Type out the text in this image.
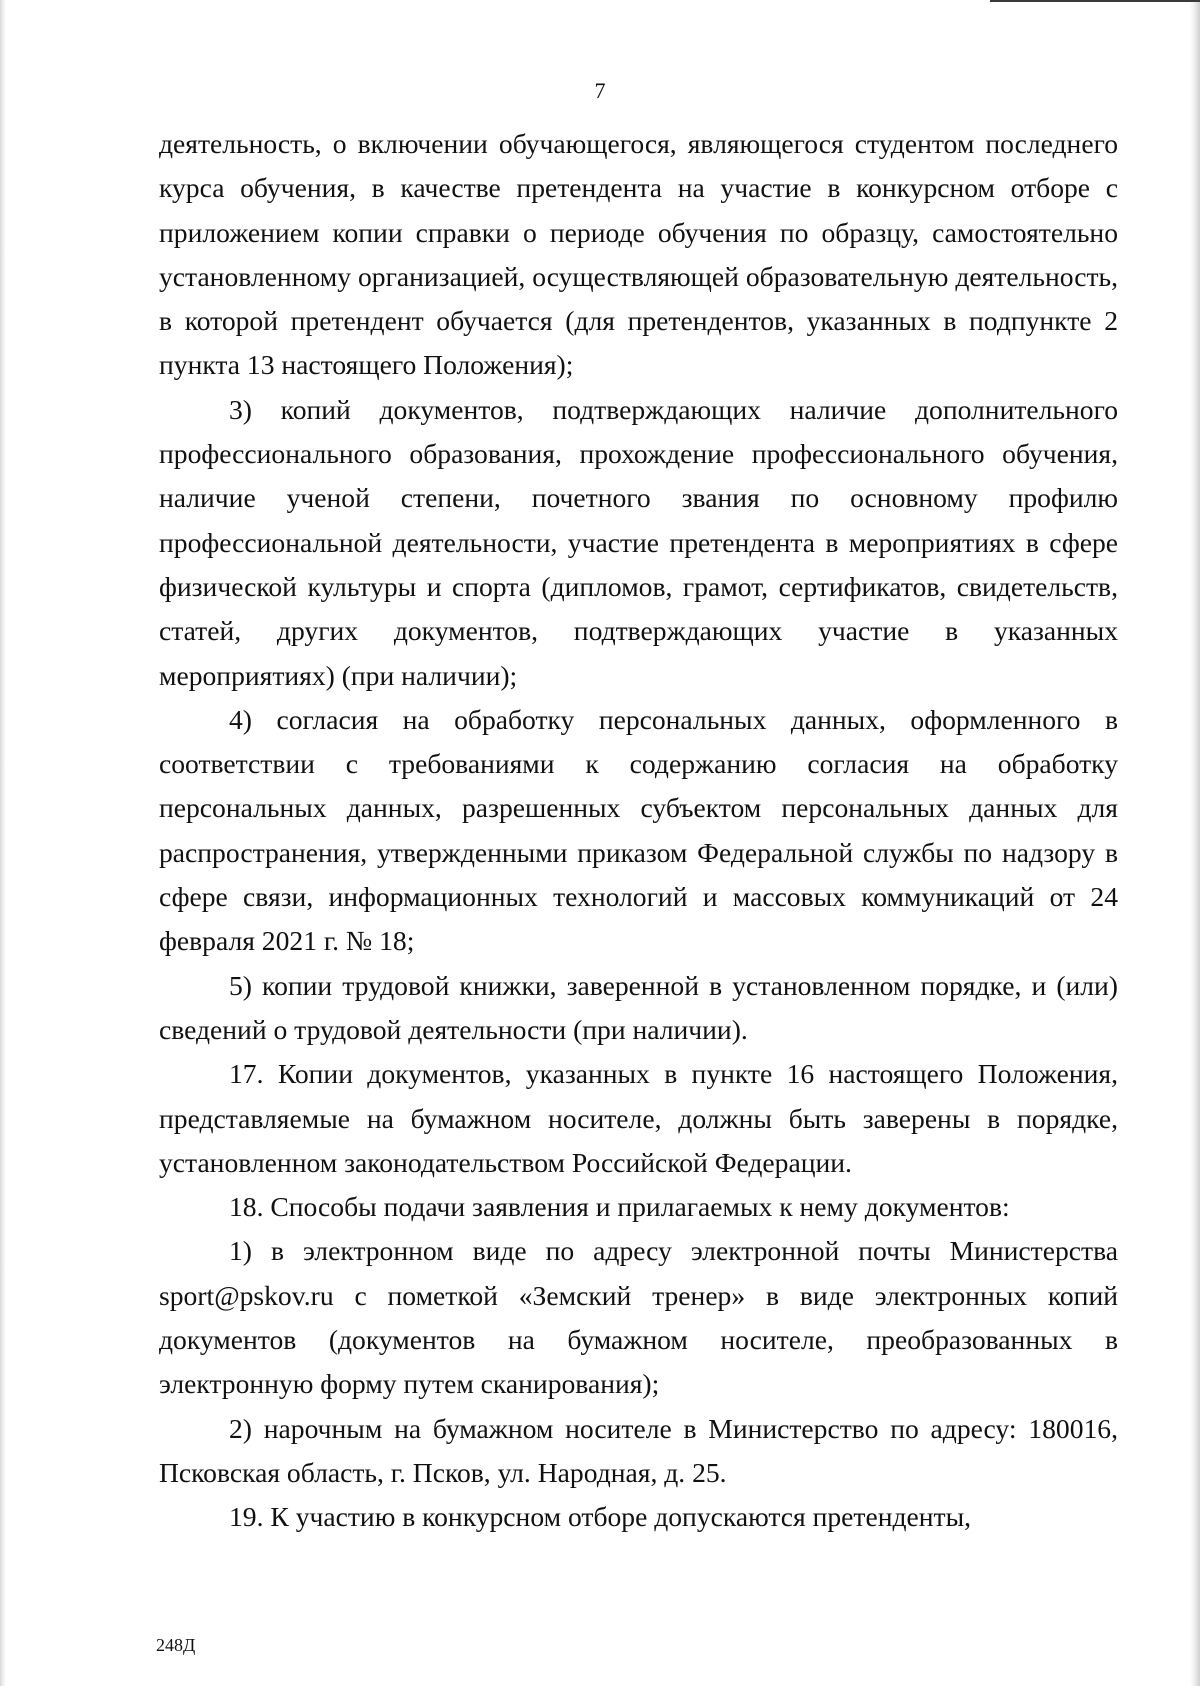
7

деятельность, о включении обучающегося, являющегося студентом последнего курса обучения, в качестве претендента на участие в конкурсном отборе с приложением копии справки о периоде обучения по образцу, самостоятельно установленному организацией, осуществляющей образовательную деятельность, в которой претендент обучается (для претендентов, указанных в подпункте 2 пункта 13 настоящего Положения);

3) копий документов, подтверждающих наличие дополнительного профессионального образования, прохождение профессионального обучения, наличие ученой степени, почетного звания по основному профилю профессиональной деятельности, участие претендента в мероприятиях в сфере физической культуры и спорта (дипломов, грамот, сертификатов, свидетельств, статей, других документов, подтверждающих участие в указанных мероприятиях) (при наличии);

4) согласия на обработку персональных данных, оформленного в соответствии с требованиями к содержанию согласия на обработку персональных данных, разрешенных субъектом персональных данных для распространения, утвержденными приказом Федеральной службы по надзору в сфере связи, информационных технологий и массовых коммуникаций от 24 февраля 2021 г. № 18;

5) копии трудовой книжки, заверенной в установленном порядке, и (или) сведений о трудовой деятельности (при наличии).

17. Копии документов, указанных в пункте 16 настоящего Положения, представляемые на бумажном носителе, должны быть заверены в порядке, установленном законодательством Российской Федерации.

18. Способы подачи заявления и прилагаемых к нему документов:

1) в электронном виде по адресу электронной почты Министерства sport@pskov.ru с пометкой «Земский тренер» в виде электронных копий документов (документов на бумажном носителе, преобразованных в электронную форму путем сканирования);

2) нарочным на бумажном носителе в Министерство по адресу: 180016, Псковская область, г. Псков, ул. Народная, д. 25.

19. К участию в конкурсном отборе допускаются претенденты,

248Д
